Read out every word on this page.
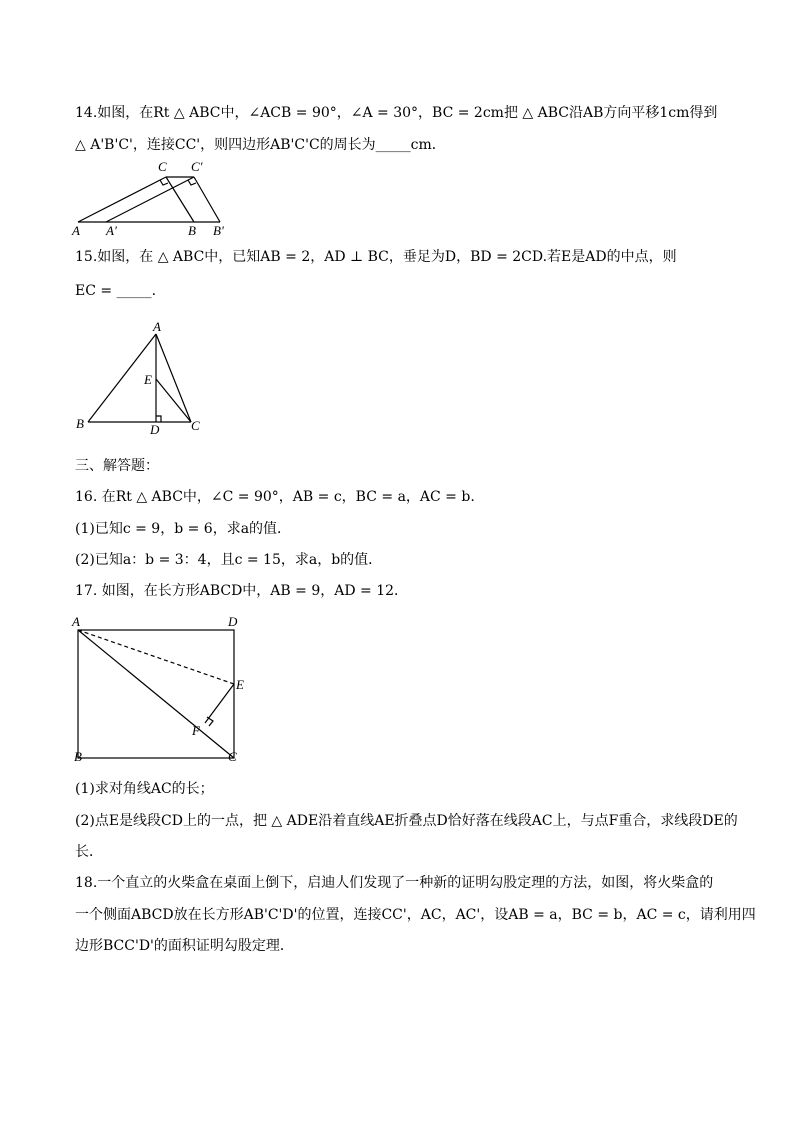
14.如图，在Rt △ ABC中，∠ACB = 90°，∠A = 30°，BC = 2cm把 △ ABC沿AB方向平移1cm得到
△ A'B'C'，连接CC'，则四边形AB'C'C的周长为_____cm．
A A'	B B'
C C'
15.如图，在 △ ABC中，已知AB = 2，AD ⊥ BC，垂足为D，BD = 2CD.若E是AD的中点，则
EC = _____.
A
B	C
D
E
三、解答题：
16. 在Rt △ ABC中，∠C = 90°，AB = c，BC = a，AC = b.
(1)已知c = 9，b = 6，求a的值．
(2)已知a：b = 3：4，且c = 15，求a，b的值．
17. 如图，在长方形ABCD中，AB = 9，AD = 12．
A	D
E
F
B	C
(1)求对角线AC的长；
(2)点E是线段CD上的一点，把 △ ADE沿着直线AE折叠点D恰好落在线段AC上，与点F重合，求线段DE的
长．
18.一个直立的火柴盒在桌面上倒下，启迪人们发现了一种新的证明勾股定理的方法，如图，将火柴盒的
一个侧面ABCD放在长方形AB'C'D'的位置，连接CC'，AC，AC'，设AB = a，BC = b，AC = c，请利用四
边形BCC'D'的面积证明勾股定理．
